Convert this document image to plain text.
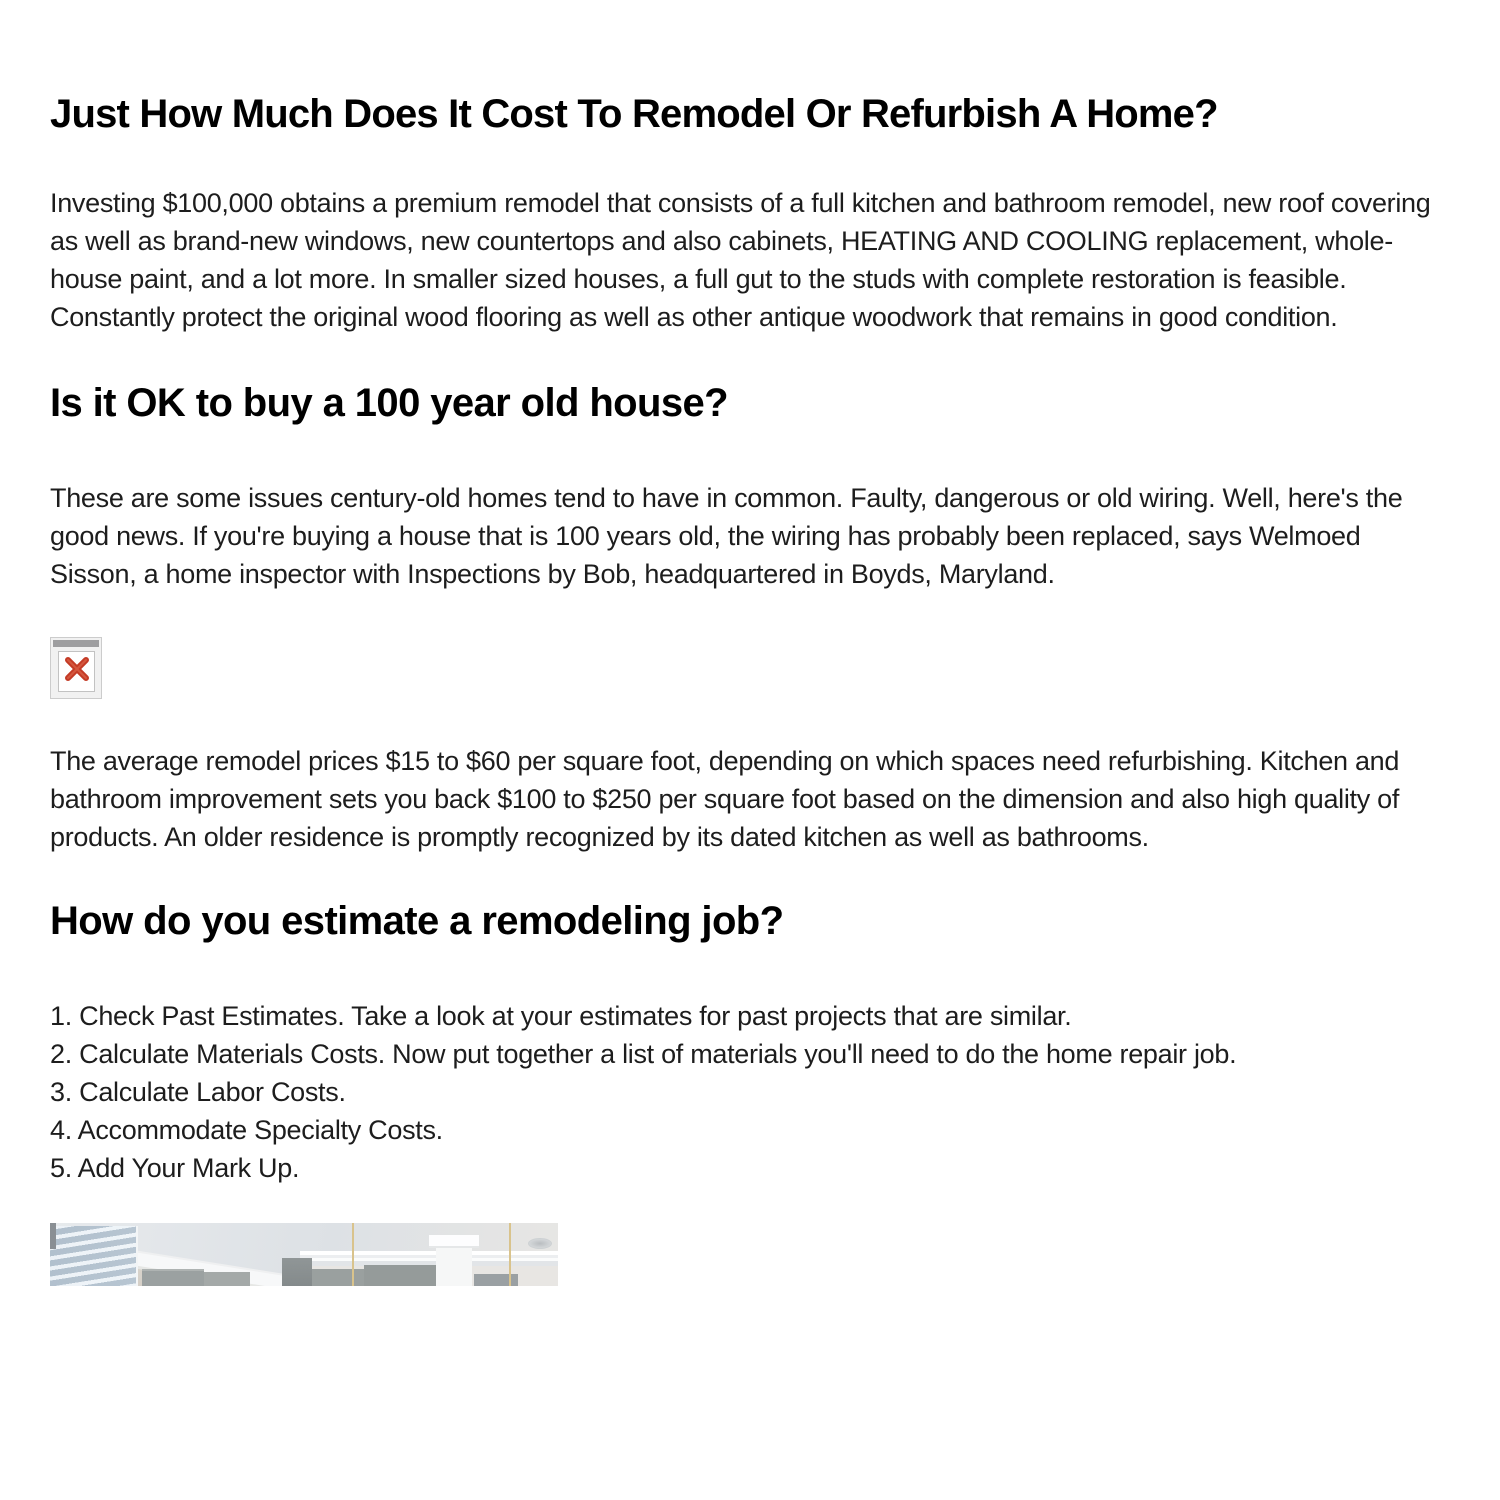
Just How Much Does It Cost To Remodel Or Refurbish A Home?

Investing $100,000 obtains a premium remodel that consists of a full kitchen and bathroom remodel, new roof covering as well as brand-new windows, new countertops and also cabinets, HEATING AND COOLING replacement, whole-house paint, and a lot more. In smaller sized houses, a full gut to the studs with complete restoration is feasible. Constantly protect the original wood flooring as well as other antique woodwork that remains in good condition.

Is it OK to buy a 100 year old house?

These are some issues century-old homes tend to have in common. Faulty, dangerous or old wiring. Well, here's the good news. If you're buying a house that is 100 years old, the wiring has probably been replaced, says Welmoed Sisson, a home inspector with Inspections by Bob, headquartered in Boyds, Maryland.

The average remodel prices $15 to $60 per square foot, depending on which spaces need refurbishing. Kitchen and bathroom improvement sets you back $100 to $250 per square foot based on the dimension and also high quality of products. An older residence is promptly recognized by its dated kitchen as well as bathrooms.

How do you estimate a remodeling job?

1. Check Past Estimates. Take a look at your estimates for past projects that are similar.

2. Calculate Materials Costs. Now put together a list of materials you'll need to do the home repair job.

3. Calculate Labor Costs.

4. Accommodate Specialty Costs.

5. Add Your Mark Up.
